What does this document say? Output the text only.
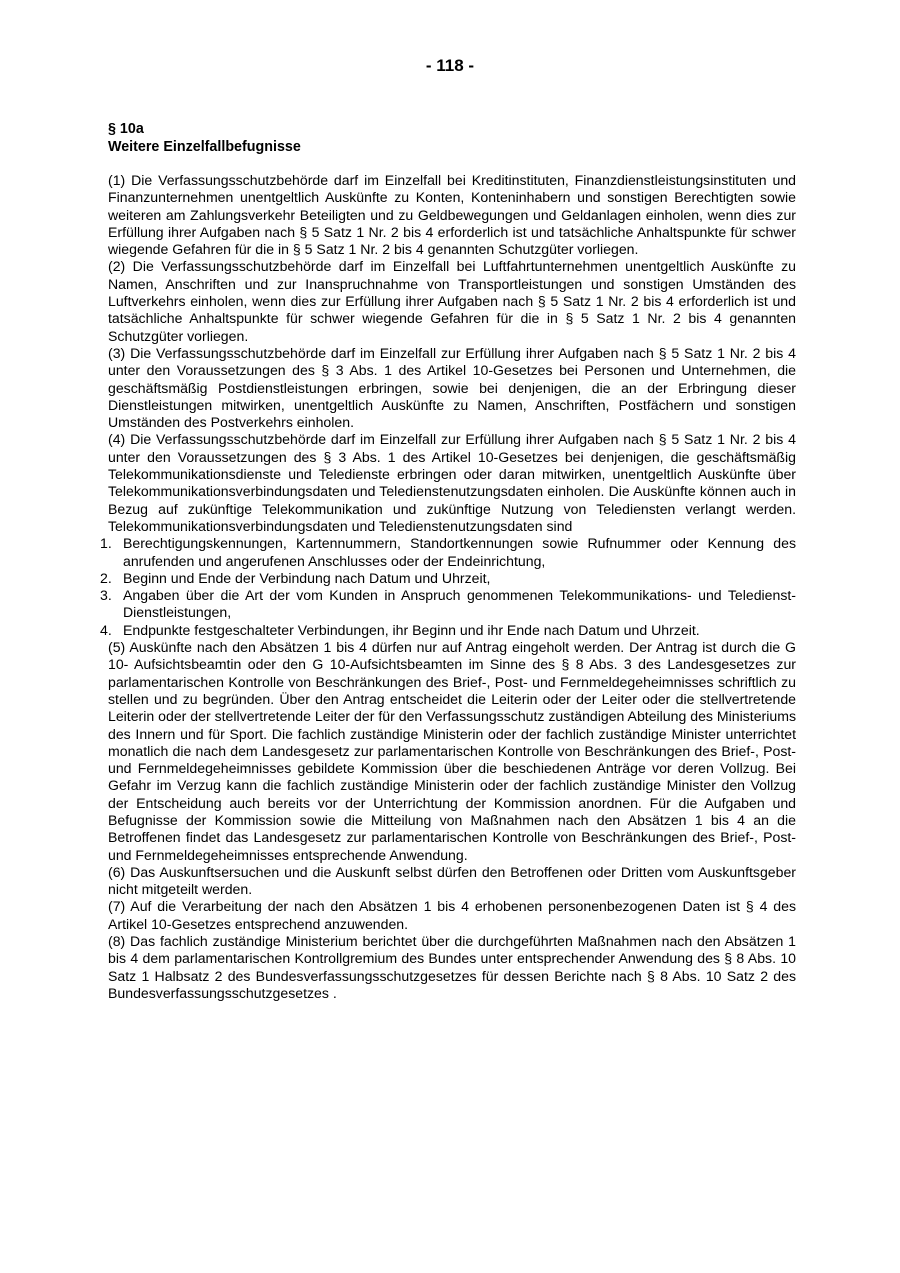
- 118 -
§ 10a
Weitere Einzelfallbefugnisse
(1) Die Verfassungsschutzbehörde darf im Einzelfall bei Kreditinstituten, Finanzdienstleistungsinstituten und Finanzunternehmen unentgeltlich Auskünfte zu Konten, Konteninhabern und sonstigen Berechtigten sowie weiteren am Zahlungsverkehr Beteiligten und zu Geldbewegungen und Geldanlagen einholen, wenn dies zur Erfüllung ihrer Aufgaben nach § 5 Satz 1 Nr. 2 bis 4 erforderlich ist und tatsächliche Anhaltspunkte für schwer wiegende Gefahren für die in § 5 Satz 1 Nr. 2 bis 4 genannten Schutzgüter vorliegen.
(2) Die Verfassungsschutzbehörde darf im Einzelfall bei Luftfahrtunternehmen unentgeltlich Auskünfte zu Namen, Anschriften und zur Inanspruchnahme von Transportleistungen und sonstigen Umständen des Luftverkehrs einholen, wenn dies zur Erfüllung ihrer Aufgaben nach § 5 Satz 1 Nr. 2 bis 4 erforderlich ist und tatsächliche Anhaltspunkte für schwer wiegende Gefahren für die in § 5 Satz 1 Nr. 2 bis 4 genannten Schutzgüter vorliegen.
(3) Die Verfassungsschutzbehörde darf im Einzelfall zur Erfüllung ihrer Aufgaben nach § 5 Satz 1 Nr. 2 bis 4 unter den Voraussetzungen des § 3 Abs. 1 des Artikel 10-Gesetzes bei Personen und Unternehmen, die geschäftsmäßig Postdienstleistungen erbringen, sowie bei denjenigen, die an der Erbringung dieser Dienstleistungen mitwirken, unentgeltlich Auskünfte zu Namen, Anschriften, Postfächern und sonstigen Umständen des Postverkehrs einholen.
(4) Die Verfassungsschutzbehörde darf im Einzelfall zur Erfüllung ihrer Aufgaben nach § 5 Satz 1 Nr. 2 bis 4 unter den Voraussetzungen des § 3 Abs. 1 des Artikel 10-Gesetzes bei denjenigen, die geschäftsmäßig Telekommunikationsdienste und Teledienste erbringen oder daran mitwirken, unentgeltlich Auskünfte über Telekommunikationsverbindungsdaten und Teledienstenutzungsdaten einholen. Die Auskünfte können auch in Bezug auf zukünftige Telekommunikation und zukünftige Nutzung von Telediensten verlangt werden. Telekommunikationsverbindungsdaten und Teledienstenutzungsdaten sind
1. Berechtigungskennungen, Kartennummern, Standortkennungen sowie Rufnummer oder Kennung des anrufenden und angerufenen Anschlusses oder der Endeinrichtung,
2. Beginn und Ende der Verbindung nach Datum und Uhrzeit,
3. Angaben über die Art der vom Kunden in Anspruch genommenen Telekommunikations- und Teledienst- Dienstleistungen,
4. Endpunkte festgeschalteter Verbindungen, ihr Beginn und ihr Ende nach Datum und Uhrzeit.
(5) Auskünfte nach den Absätzen 1 bis 4 dürfen nur auf Antrag eingeholt werden. Der Antrag ist durch die G 10- Aufsichtsbeamtin oder den G 10-Aufsichtsbeamten im Sinne des § 8 Abs. 3 des Landesgesetzes zur parlamentarischen Kontrolle von Beschränkungen des Brief-, Post- und Fernmeldegeheimnisses schriftlich zu stellen und zu begründen. Über den Antrag entscheidet die Leiterin oder der Leiter oder die stellvertretende Leiterin oder der stellvertretende Leiter der für den Verfassungsschutz zuständigen Abteilung des Ministeriums des Innern und für Sport. Die fachlich zuständige Ministerin oder der fachlich zuständige Minister unterrichtet monatlich die nach dem Landesgesetz zur parlamentarischen Kontrolle von Beschränkungen des Brief-, Post- und Fernmeldegeheimnisses gebildete Kommission über die beschiedenen Anträge vor deren Vollzug. Bei Gefahr im Verzug kann die fachlich zuständige Ministerin oder der fachlich zuständige Minister den Vollzug der Entscheidung auch bereits vor der Unterrichtung der Kommission anordnen. Für die Aufgaben und Befugnisse der Kommission sowie die Mitteilung von Maßnahmen nach den Absätzen 1 bis 4 an die Betroffenen findet das Landesgesetz zur parlamentarischen Kontrolle von Beschränkungen des Brief-, Post- und Fernmeldegeheimnisses entsprechende Anwendung.
(6) Das Auskunftsersuchen und die Auskunft selbst dürfen den Betroffenen oder Dritten vom Auskunftsgeber nicht mitgeteilt werden.
(7) Auf die Verarbeitung der nach den Absätzen 1 bis 4 erhobenen personenbezogenen Daten ist § 4 des Artikel 10-Gesetzes entsprechend anzuwenden.
(8) Das fachlich zuständige Ministerium berichtet über die durchgeführten Maßnahmen nach den Absätzen 1 bis 4 dem parlamentarischen Kontrollgremium des Bundes unter entsprechender Anwendung des § 8 Abs. 10 Satz 1 Halbsatz 2 des Bundesverfassungsschutzgesetzes für dessen Berichte nach § 8 Abs. 10 Satz 2 des Bundesverfassungsschutzgesetzes .
